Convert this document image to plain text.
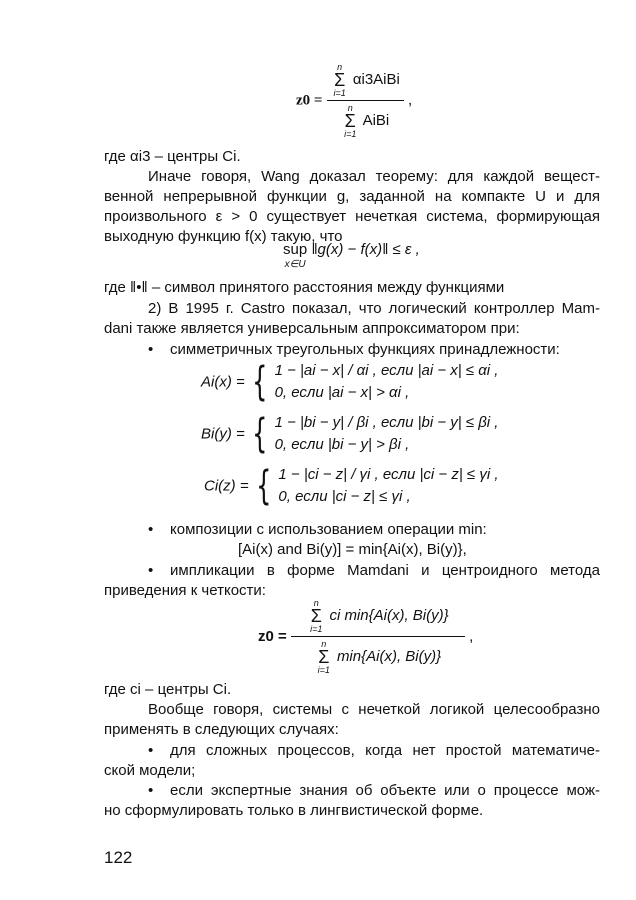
z0 = n
Σ
i=1
αi3AiBi
n
Σ
i=1
AiBi ,

где αi3 – центры Ci.

Иначе говоря, Wang доказал теорему: для каждой вещест-

венной непрерывной функции g, заданной на компакте U и для

произвольного ε > 0 существует нечеткая система, формирующая

выходную функцию f(x) такую, что

sup
x∈U
‖g(x) − f(x)‖ ≤ ε ,

где ‖•‖ – символ принятого расстояния между функциями

2) В 1995 г. Castro показал, что логический контроллер Mam-

dani также является универсальным аппроксиматором при:

• симметричных треугольных функциях принадлежности:

Ai(x) = { 1 − |ai − x| / αi , если |ai − x| ≤ αi ,
0, если |ai − x| > αi ,
Bi(y) = { 1 − |bi − y| / βi , если |bi − y| ≤ βi ,
0, если |bi − y| > βi ,
Ci(z) = { 1 − |ci − z| / γi , если |ci − z| ≤ γi ,
0, если |ci − z| ≤ γi ,

• композиции с использованием операции min:

[Ai(x) and Bi(y)] = min{Ai(x), Bi(y)},

• импликации в форме Mamdani и центроидного метода

приведения к четкости:

z0 = n
Σ
i=1
ci min{Ai(x), Bi(y)}
n
Σ
i=1
min{Ai(x), Bi(y)} ,

где ci – центры Ci.

Вообще говоря, системы с нечеткой логикой целесообразно

применять в следующих случаях:

• для сложных процессов, когда нет простой математиче-

ской модели;

• если экспертные знания об объекте или о процессе мож-

но сформулировать только в лингвистической форме.

122
